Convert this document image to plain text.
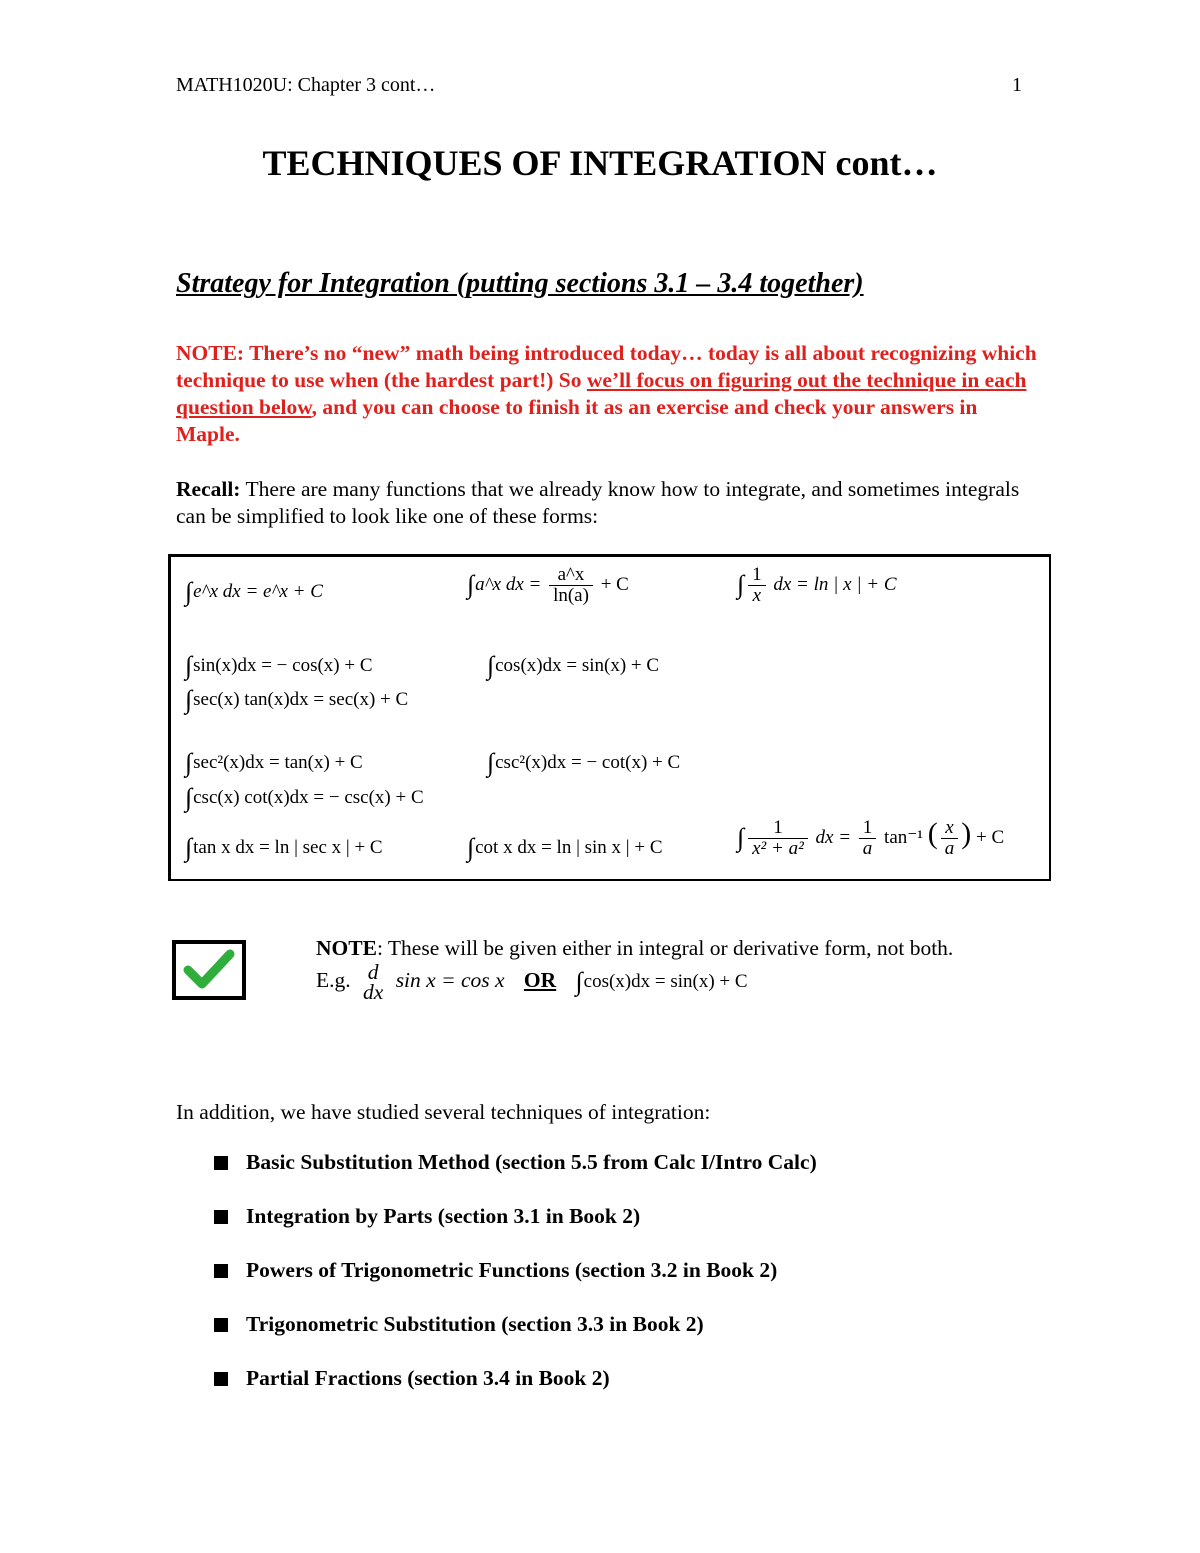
MATH1020U: Chapter 3 cont…	1
TECHNIQUES OF INTEGRATION cont…
Strategy for Integration (putting sections 3.1 – 3.4 together)
NOTE: There’s no “new” math being introduced today… today is all about recognizing which technique to use when (the hardest part!) So we’ll focus on figuring out the technique in each question below, and you can choose to finish it as an exercise and check your answers in Maple.
Recall: There are many functions that we already know how to integrate, and sometimes integrals can be simplified to look like one of these forms:
∫e^x dx = e^x + C	∫a^x dx = $\frac{a\^{}x}{\ln(a)} + C$	∫ $\frac{1}{x}$ dx = ln | x | + C
∫sin(x)dx = − cos(x) + C	∫cos(x)dx = sin(x) + C
∫sec(x) tan(x)dx = sec(x) + C
∫sec²(x)dx = tan(x) + C	∫csc²(x)dx = − cot(x) + C
∫csc(x) cot(x)dx = − csc(x) + C
∫tan x dx = ln | sec x | + C	∫cot x dx = ln | sin x | + C	∫ $\frac{1}{\text{x² + a²}}$ dx = $\frac{1}{a} \tan^{-1}$ ( $\frac{x}{a}$ ) + C
NOTE: These will be given either in integral or derivative form, not both.
E.g. d
dx
sin x = cos x OR ∫cos(x)dx = sin(x) + C
In addition, we have studied several techniques of integration:
Basic Substitution Method (section 5.5 from Calc I/Intro Calc)
Integration by Parts (section 3.1 in Book 2)
Powers of Trigonometric Functions (section 3.2 in Book 2)
Trigonometric Substitution (section 3.3 in Book 2)
Partial Fractions (section 3.4 in Book 2)
